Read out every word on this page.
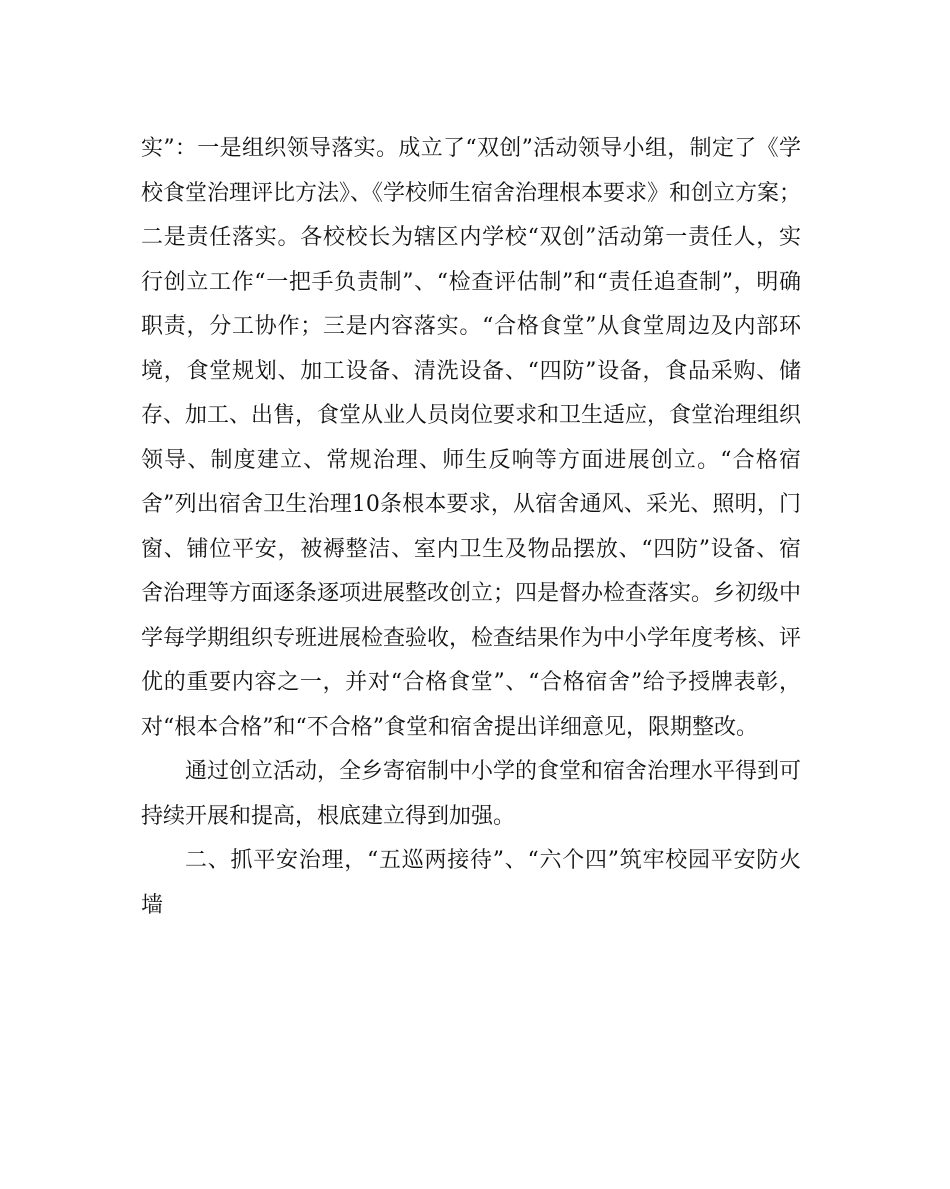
实”：一是组织领导落实。成立了“双创”活动领导小组，制定了《学校食堂治理评比方法》、《学校师生宿舍治理根本要求》和创立方案；二是责任落实。各校校长为辖区内学校“双创”活动第一责任人，实行创立工作“一把手负责制”、“检查评估制”和“责任追查制”，明确职责，分工协作；三是内容落实。“合格食堂”从食堂周边及内部环境，食堂规划、加工设备、清洗设备、“四防”设备，食品采购、储存、加工、出售，食堂从业人员岗位要求和卫生适应，食堂治理组织领导、制度建立、常规治理、师生反响等方面进展创立。“合格宿舍”列出宿舍卫生治理10条根本要求，从宿舍通风、采光、照明，门窗、铺位平安，被褥整洁、室内卫生及物品摆放、“四防”设备、宿舍治理等方面逐条逐项进展整改创立；四是督办检查落实。乡初级中学每学期组织专班进展检查验收，检查结果作为中小学年度考核、评优的重要内容之一，并对“合格食堂”、“合格宿舍”给予授牌表彰，对“根本合格”和“不合格”食堂和宿舍提出详细意见，限期整改。

通过创立活动，全乡寄宿制中小学的食堂和宿舍治理水平得到可持续开展和提高，根底建立得到加强。

二、抓平安治理，“五巡两接待”、“六个四”筑牢校园平安防火墙
